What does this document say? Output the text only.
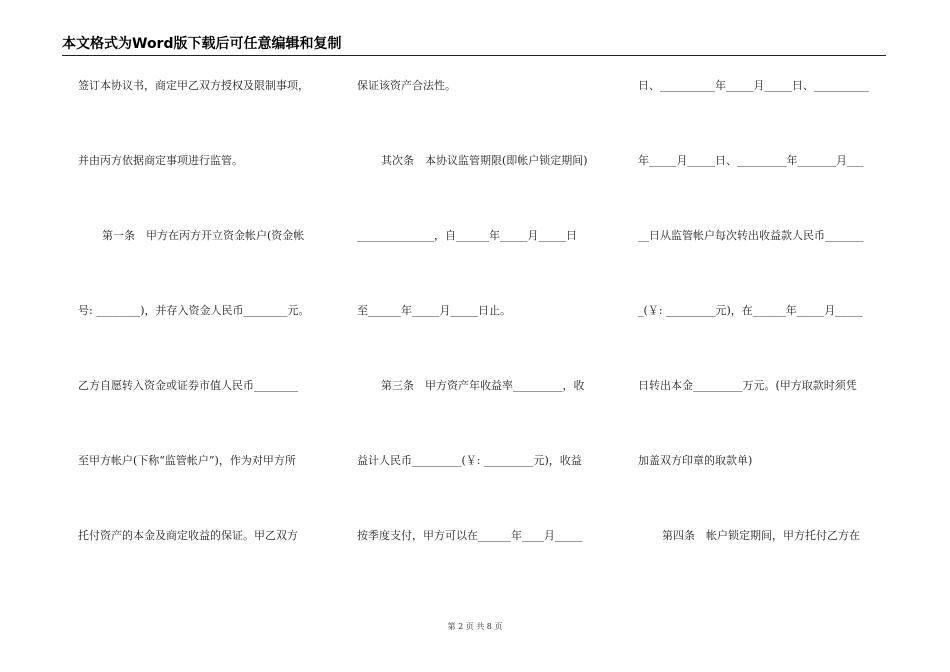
本文格式为Word版下载后可任意编辑和复制
签订本协议书，商定甲乙双方授权及限制事项，
并由丙方依据商定事项进行监管。
第一条　甲方在丙方开立资金帐户(资金帐
号: ________)，并存入资金人民币________元。
乙方自愿转入资金或证券市值人民币________
至甲方帐户(下称“监管帐户”)，作为对甲方所
托付资产的本金及商定收益的保证。甲乙双方
保证该资产合法性。
其次条　本协议监管期限(即帐户锁定期间)
______________，自______年_____月_____日
至______年_____月_____日止。
第三条　甲方资产年收益率_________，收
益计人民币_________(￥: _________元)，收益
按季度支付，甲方可以在______年____月_____
日、__________年_____月_____日、__________
年_____月_____日、_________年_______月___
__日从监管帐户每次转出收益款人民币_______
_(￥: _________元)，在______年_____月_____
日转出本金_________万元。(甲方取款时须凭
加盖双方印章的取款单)
第四条　帐户锁定期间，甲方托付乙方在
第 2 页 共 8 页
